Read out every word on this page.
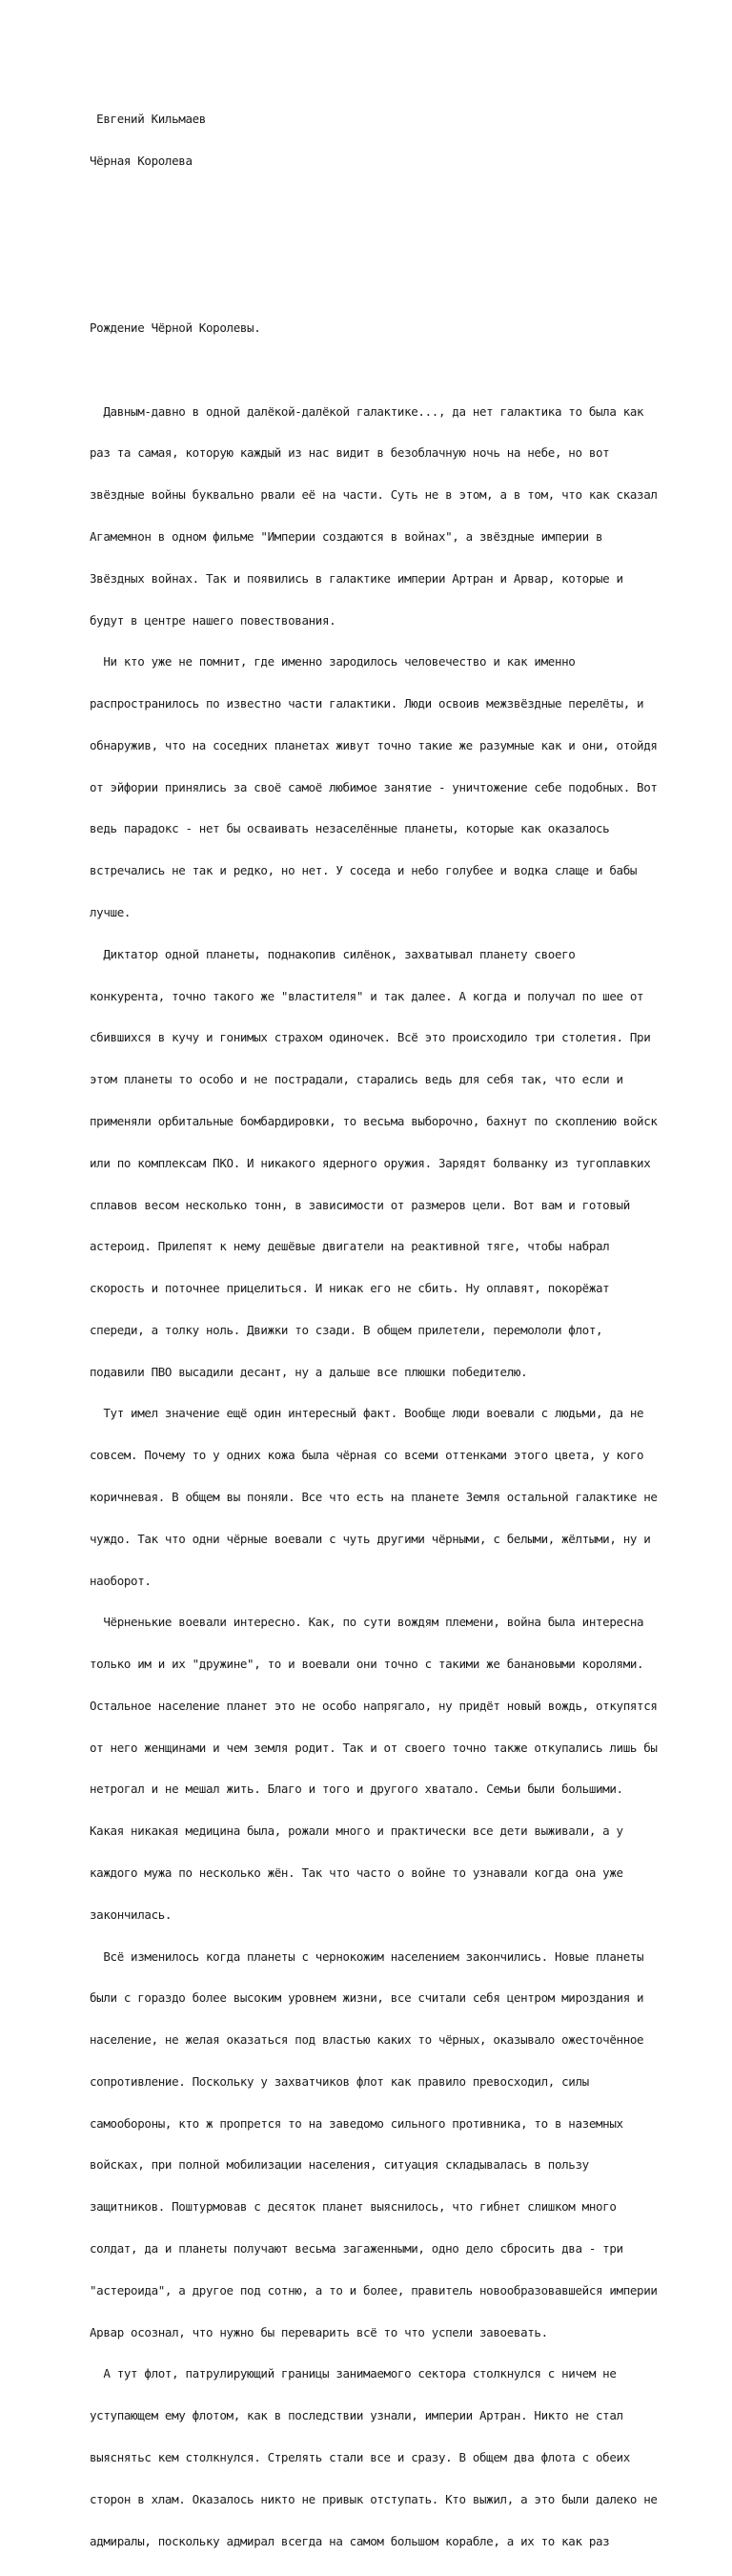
Евгений Кильмаев

Чёрная Королева

Рождение Чёрной Королевы.

Давным-давно в одной далёкой-далёкой галактике..., да нет галактика то была как

раз та самая, которую каждый из нас видит в безоблачную ночь на небе, но вот

звёздные войны буквально рвали её на части. Суть не в этом, а в том, что как сказал

Агамемнон в одном фильме "Империи создаются в войнах", а звёздные империи в

Звёздных войнах. Так и появились в галактике империи Артран и Арвар, которые и

будут в центре нашего повествования.

Ни кто уже не помнит, где именно зародилось человечество и как именно

распространилось по известно части галактики. Люди освоив межзвёздные перелёты, и

обнаружив, что на соседних планетах живут точно такие же разумные как и они, отойдя

от эйфории принялись за своё самоё любимое занятие - уничтожение себе подобных. Вот

ведь парадокс - нет бы осваивать незаселённые планеты, которые как оказалось

встречались не так и редко, но нет. У соседа и небо голубее и водка слаще и бабы

лучше.

Диктатор одной планеты, поднакопив силёнок, захватывал планету своего

конкурента, точно такого же "властителя" и так далее. А когда и получал по шее от

сбившихся в кучу и гонимых страхом одиночек. Всё это происходило три столетия. При

этом планеты то особо и не пострадали, старались ведь для себя так, что если и

применяли орбитальные бомбардировки, то весьма выборочно, бахнут по скоплению войск

или по комплексам ПКО. И никакого ядерного оружия. Зарядят болванку из тугоплавких

сплавов весом несколько тонн, в зависимости от размеров цели. Вот вам и готовый

астероид. Прилепят к нему дешёвые двигатели на реактивной тяге, чтобы набрал

скорость и поточнее прицелиться. И никак его не сбить. Ну оплавят, покорёжат

спереди, а толку ноль. Движки то сзади. В общем прилетели, перемололи флот,

подавили ПВО высадили десант, ну а дальше все плюшки победителю.

Тут имел значение ещё один интересный факт. Вообще люди воевали с людьми, да не

совсем. Почему то у одних кожа была чёрная со всеми оттенками этого цвета, у кого

коричневая. В общем вы поняли. Все что есть на планете Земля остальной галактике не

чуждо. Так что одни чёрные воевали с чуть другими чёрными, с белыми, жёлтыми, ну и

наоборот.

Чёрненькие воевали интересно. Как, по сути вождям племени, война была интересна

только им и их "дружине", то и воевали они точно с такими же банановыми королями.

Остальное население планет это не особо напрягало, ну придёт новый вождь, откупятся

от него женщинами и чем земля родит. Так и от своего точно также откупались лишь бы

нетрогал и не мешал жить. Благо и того и другого хватало. Семьи были большими.

Какая никакая медицина была, рожали много и практически все дети выживали, а у

каждого мужа по несколько жён. Так что часто о войне то узнавали когда она уже

закончилась.

Всё изменилось когда планеты с чернокожим населением закончились. Новые планеты

были с гораздо более высоким уровнем жизни, все считали себя центром мироздания и

население, не желая оказаться под властью каких то чёрных, оказывало ожесточённое

сопротивление. Поскольку у захватчиков флот как правило превосходил, силы

самообороны, кто ж пропрется то на заведомо сильного противника, то в наземных

войсках, при полной мобилизации населения, ситуация складывалась в пользу

защитников. Поштурмовав с десяток планет выяснилось, что гибнет слишком много

солдат, да и планеты получают весьма загаженными, одно дело сбросить два - три

"астероида", а другое под сотню, а то и более, правитель новообразовавшейся империи

Арвар осознал, что нужно бы переварить всё то что успели завоевать.

А тут флот, патрулирующий границы занимаемого сектора столкнулся с ничем не

уступающем ему флотом, как в последствии узнали, империи Артран. Никто не стал

выяснятьс кем столкнулся. Стрелять стали все и сразу. В общем два флота с обеих

сторон в хлам. Оказалось никто не привык отступать. Кто выжил, а это были далеко не

адмиралы, поскольку адмирал всегда на самом большом корабле, а их то как раз
